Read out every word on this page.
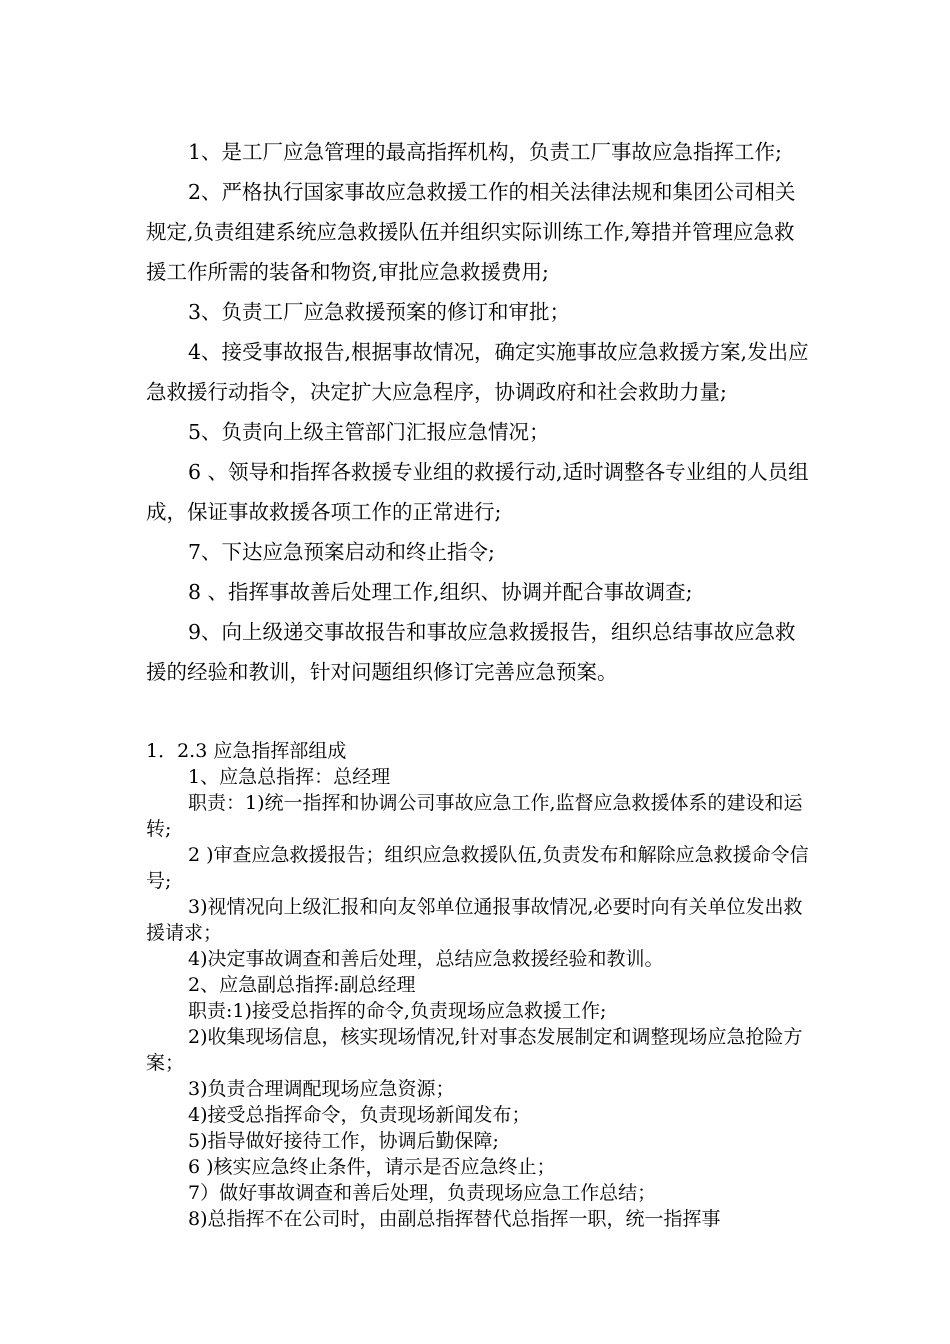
1、是工厂应急管理的最高指挥机构，负责工厂事故应急指挥工作;

2、严格执行国家事故应急救援工作的相关法律法规和集团公司相关规定,负责组建系统应急救援队伍并组织实际训练工作,筹措并管理应急救援工作所需的装备和物资,审批应急救援费用;

3、负责工厂应急救援预案的修订和审批；

4、接受事故报告,根据事故情况，确定实施事故应急救援方案,发出应急救援行动指令，决定扩大应急程序，协调政府和社会救助力量;

5、负责向上级主管部门汇报应急情况；

6 、领导和指挥各救援专业组的救援行动,适时调整各专业组的人员组成，保证事故救援各项工作的正常进行;

7、下达应急预案启动和终止指令;

8 、指挥事故善后处理工作,组织、协调并配合事故调查;

9、向上级递交事故报告和事故应急救援报告，组织总结事故应急救援的经验和教训，针对问题组织修订完善应急预案。

1．2.3 应急指挥部组成

1、应急总指挥：总经理

职责：1)统一指挥和协调公司事故应急工作,监督应急救援体系的建设和运转;

2 )审查应急救援报告；组织应急救援队伍,负责发布和解除应急救援命令信号;

3)视情况向上级汇报和向友邻单位通报事故情况,必要时向有关单位发出救援请求；

4)决定事故调查和善后处理，总结应急救援经验和教训。

2、应急副总指挥:副总经理

职责:1)接受总指挥的命令,负责现场应急救援工作;

2)收集现场信息，核实现场情况,针对事态发展制定和调整现场应急抢险方案；

3)负责合理调配现场应急资源；

4)接受总指挥命令，负责现场新闻发布；

5)指导做好接待工作，协调后勤保障;

6 )核实应急终止条件，请示是否应急终止；

7）做好事故调查和善后处理，负责现场应急工作总结；

8)总指挥不在公司时，由副总指挥替代总指挥一职，统一指挥事
